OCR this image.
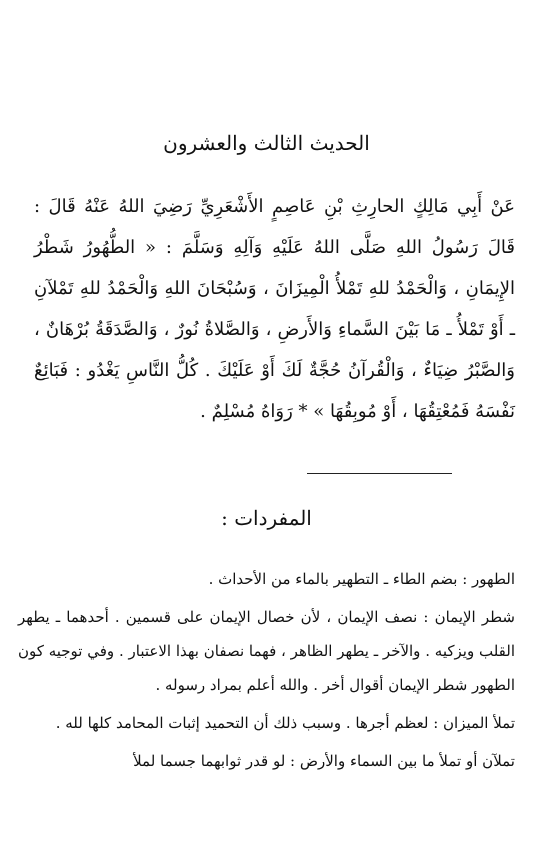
الحديث الثالث والعشرون

عَنْ أَبِي مَالِكٍ الحارِثِ بْنِ عَاصِمٍ الأَشْعَرِيِّ رَضِيَ اللهُ عَنْهُ قَالَ : قَالَ رَسُولُ اللهِ صَلَّى اللهُ عَلَيْهِ وَآلِهِ وَسَلَّمَ : « الطُّهُورُ شَطْرُ الإِيمَانِ ، وَالْحَمْدُ للهِ تَمْلأُ الْمِيزَانَ ، وَسُبْحَانَ اللهِ وَالْحَمْدُ للهِ تَمْلآنِ ـ أَوْ تَمْلأُ ـ مَا بَيْنَ السَّماءِ وَالأَرضِ ، وَالصَّلاةُ نُورٌ ، وَالصَّدَقَةُ بُرْهَانٌ ، وَالصَّبْرُ ضِيَاءٌ ، وَالْقُرآنُ حُجَّةٌ لَكَ أَوْ عَلَيْكَ . كُلُّ النَّاسِ يَغْدُو : فَبَائِعٌ نَفْسَهُ فَمُعْتِقُهَا ، أَوْ مُوبِقُهَا » * رَوَاهُ مُسْلِمٌ .

المفردات :

الطهور : بضم الطاء ـ التطهير بالماء من الأحداث .

شطر الإيمان : نصف الإيمان ، لأن خصال الإيمان على قسمين . أحدهما ـ يطهر القلب ويزكيه . والآخر ـ يطهر الظاهر ، فهما نصفان بهذا الاعتبار . وفي توجيه كون الطهور شطر الإيمان أقوال أخر . والله أعلم بمراد رسوله .

تملأ الميزان : لعظم أجرها . وسبب ذلك أن التحميد إثبات المحامد كلها لله .

تملآن أو تملأ ما بين السماء والأرض : لو قدر ثوابهما جسما لملأ
